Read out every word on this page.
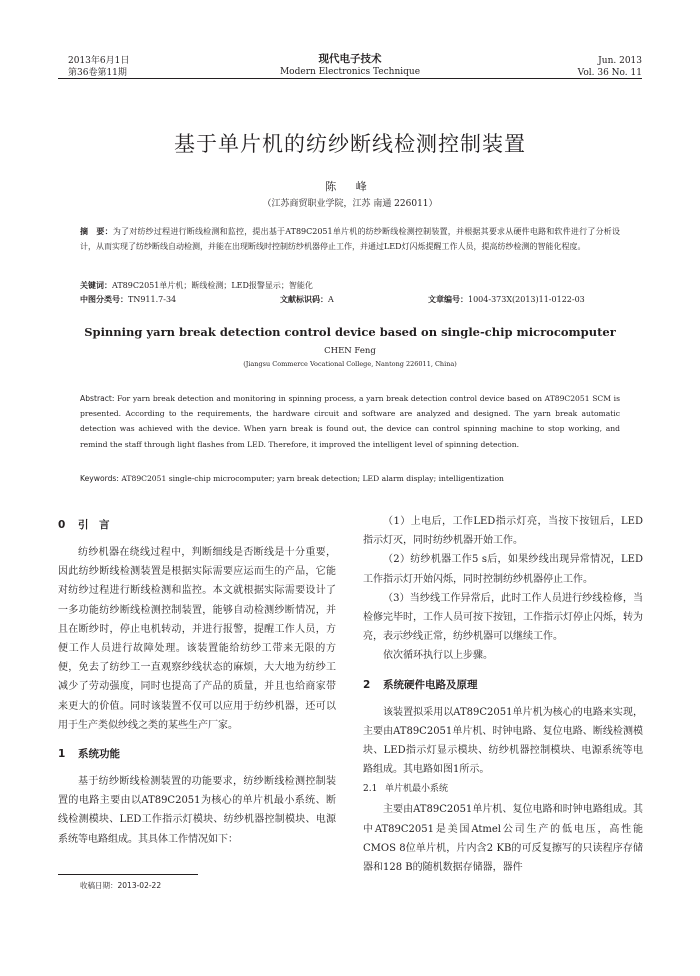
2013年6月1日
第36卷第11期
现代电子技术
Modern Electronics Technique
Jun. 2013
Vol. 36 No. 11
基于单片机的纺纱断线检测控制装置
陈 峰
（江苏商贸职业学院，江苏 南通 226011）
摘　要：为了对纺纱过程进行断线检测和监控，提出基于AT89C2051单片机的纺纱断线检测控制装置，并根据其要求从硬件电路和软件进行了分析设计，从而实现了纺纱断线自动检测，并能在出现断线时控制纺纱机器停止工作，并通过LED灯闪烁提醒工作人员，提高纺纱检测的智能化程度。
关键词：AT89C2051单片机；断线检测；LED报警显示；智能化
中图分类号：TN911.7-34	文献标识码：A	文章编号：1004-373X(2013)11-0122-03
Spinning yarn break detection control device based on single-chip microcomputer
CHEN Feng
(Jiangsu Commerce Vocational College, Nantong 226011, China)
Abstract: For yarn break detection and monitoring in spinning process, a yarn break detection control device based on AT89C2051 SCM is presented. According to the requirements, the hardware circuit and software are analyzed and designed. The yarn break automatic detection was achieved with the device. When yarn break is found out, the device can control spinning machine to stop working, and remind the staff through light flashes from LED. Therefore, it improved the intelligent level of spinning detection.
Keywords: AT89C2051 single-chip microcomputer; yarn break detection; LED alarm display; intelligentization
0 引　言

纺纱机器在绕线过程中，判断细线是否断线是十分重要，因此纺纱断线检测装置是根据实际需要应运而生的产品，它能对纺纱过程进行断线检测和监控。本文就根据实际需要设计了一多功能纺纱断线检测控制装置，能够自动检测纱断情况，并且在断纱时，停止电机转动，并进行报警，提醒工作人员，方便工作人员进行故障处理。该装置能给纺纱工带来无限的方便，免去了纺纱工一直观察纱线状态的麻烦，大大地为纺纱工减少了劳动强度，同时也提高了产品的质量，并且也给商家带来更大的价值。同时该装置不仅可以应用于纺纱机器，还可以用于生产类似纱线之类的某些生产厂家。

1 系统功能

基于纺纱断线检测装置的功能要求，纺纱断线检测控制装置的电路主要由以AT89C2051为核心的单片机最小系统、断线检测模块、LED工作指示灯模块、纺纱机器控制模块、电源系统等电路组成。其具体工作情况如下：

（1）上电后，工作LED指示灯亮，当按下按钮后，LED指示灯灭，同时纺纱机器开始工作。

（2）纺纱机器工作5 s后，如果纱线出现异常情况，LED工作指示灯开始闪烁，同时控制纺纱机器停止工作。

（3）当纱线工作异常后，此时工作人员进行纱线检修，当检修完毕时，工作人员可按下按钮，工作指示灯停止闪烁，转为亮，表示纱线正常，纺纱机器可以继续工作。

依次循环执行以上步骤。

2 系统硬件电路及原理

该装置拟采用以AT89C2051单片机为核心的电路来实现，主要由AT89C2051单片机、时钟电路、复位电路、断线检测模块、LED指示灯显示模块、纺纱机器控制模块、电源系统等电路组成。其电路如图1所示。

2.1 单片机最小系统

主要由AT89C2051单片机、复位电路和时钟电路组成。其中AT89C2051是美国Atmel公司生产的低电压，高性能CMOS 8位单片机，片内含2 KB的可反复擦写的只读程序存储器和128 B的随机数据存储器，器件

收稿日期：2013-02-22
